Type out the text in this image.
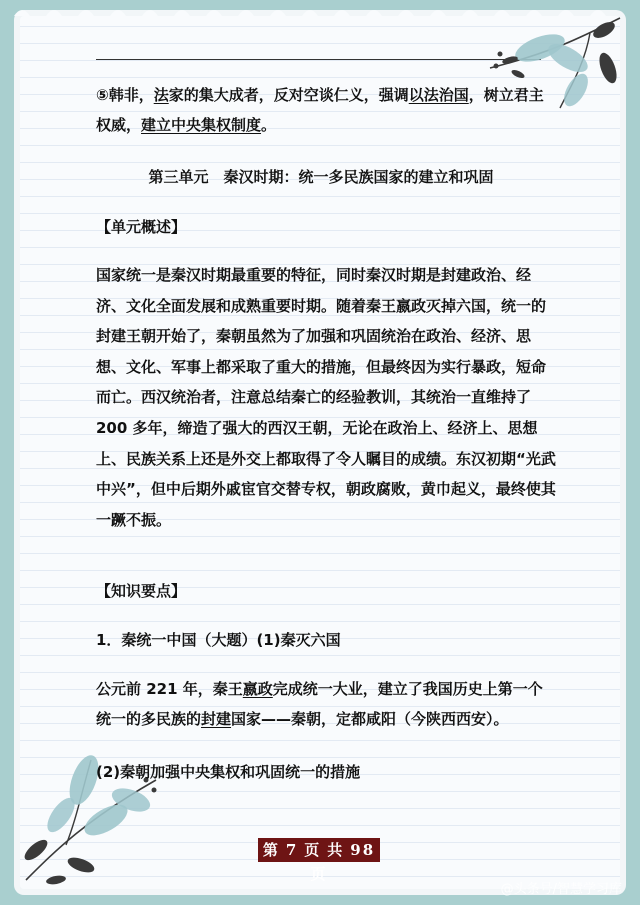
⑤韩非，法家的集大成者，反对空谈仁义，强调以法治国，树立君主权威，建立中央集权制度。

第三单元　秦汉时期：统一多民族国家的建立和巩固

【单元概述】

国家统一是秦汉时期最重要的特征，同时秦汉时期是封建政治、经济、文化全面发展和成熟重要时期。随着秦王嬴政灭掉六国，统一的封建王朝开始了，秦朝虽然为了加强和巩固统治在政治、经济、思想、文化、军事上都采取了重大的措施，但最终因为实行暴政，短命而亡。西汉统治者，注意总结秦亡的经验教训，其统治一直维持了 200 多年，缔造了强大的西汉王朝，无论在政治上、经济上、思想上、民族关系上还是外交上都取得了令人瞩目的成绩。东汉初期“光武中兴”，但中后期外戚宦官交替专权，朝政腐败，黄巾起义，最终使其一蹶不振。

【知识要点】

1．秦统一中国（大题）(1)秦灭六国

公元前 221 年，秦王嬴政完成统一大业，建立了我国历史上第一个统一的多民族的封建国家——秦朝，定都咸阳（今陕西西安）。

(2)秦朝加强中央集权和巩固统一的措施

第 7 页 共 98页
@头条号/智慧学习库
